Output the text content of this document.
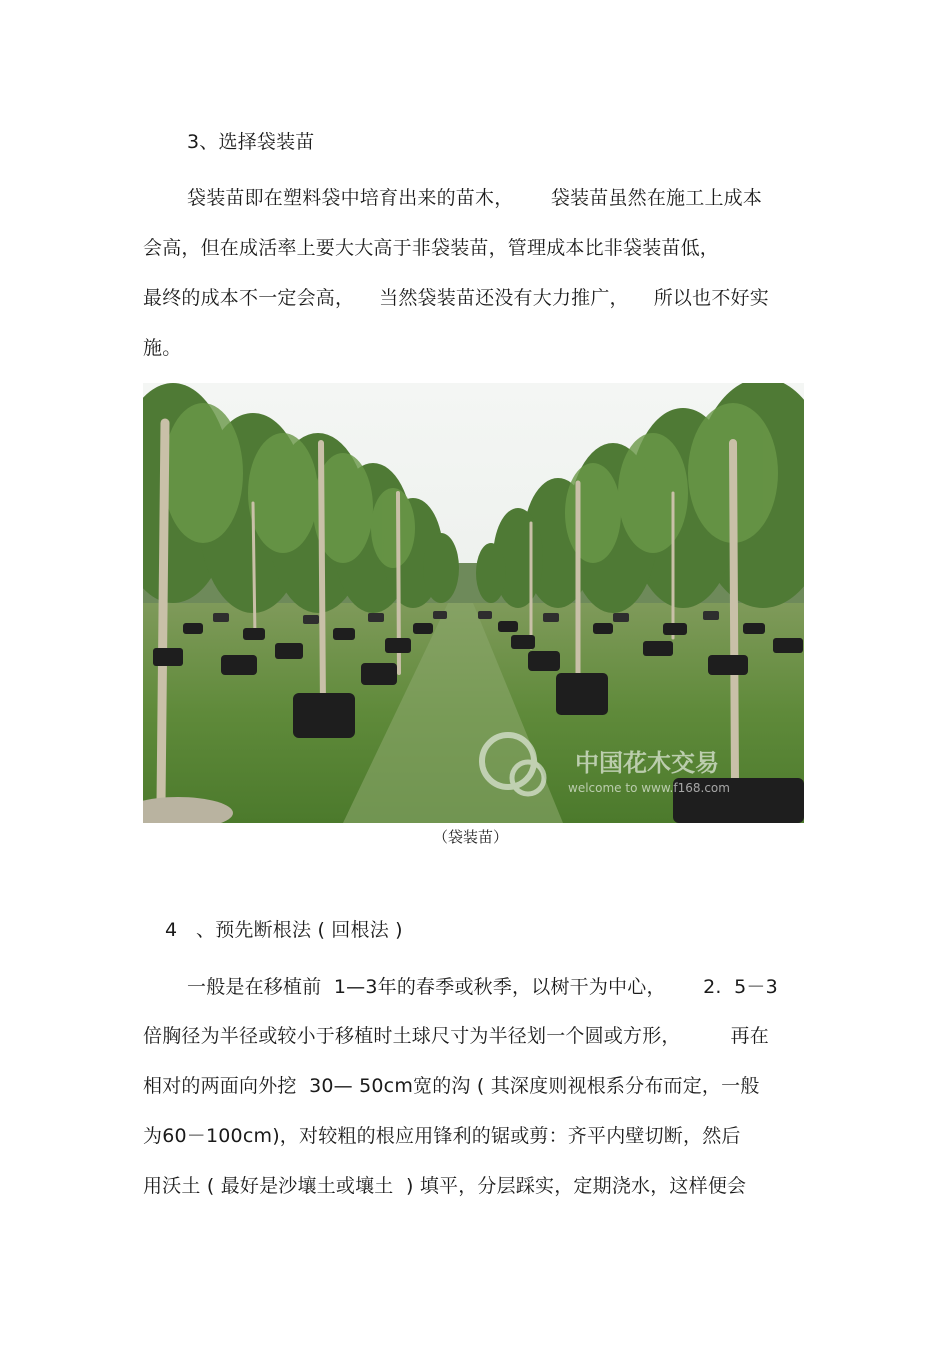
3、选择袋装苗
袋装苗即在塑料袋中培育出来的苗木，      袋装苗虽然在施工上成本
会高，但在成活率上要大大高于非袋装苗，管理成本比非袋装苗低，
最终的成本不一定会高，    当然袋装苗还没有大力推广，    所以也不好实
施。
中国花木交易
welcome to www.f168.com
（袋装苗）
4   、预先断根法 ( 回根法 )
一般是在移植前  1—3年的春季或秋季，以树干为中心，      2.  5－3
倍胸径为半径或较小于移植时土球尺寸为半径划一个圆或方形，        再在
相对的两面向外挖  30— 50cm宽的沟 ( 其深度则视根系分布而定，一般
为60－100cm)，对较粗的根应用锋利的锯或剪：齐平内壁切断，然后
用沃土 ( 最好是沙壤土或壤土  ) 填平，分层踩实，定期浇水，这样便会
